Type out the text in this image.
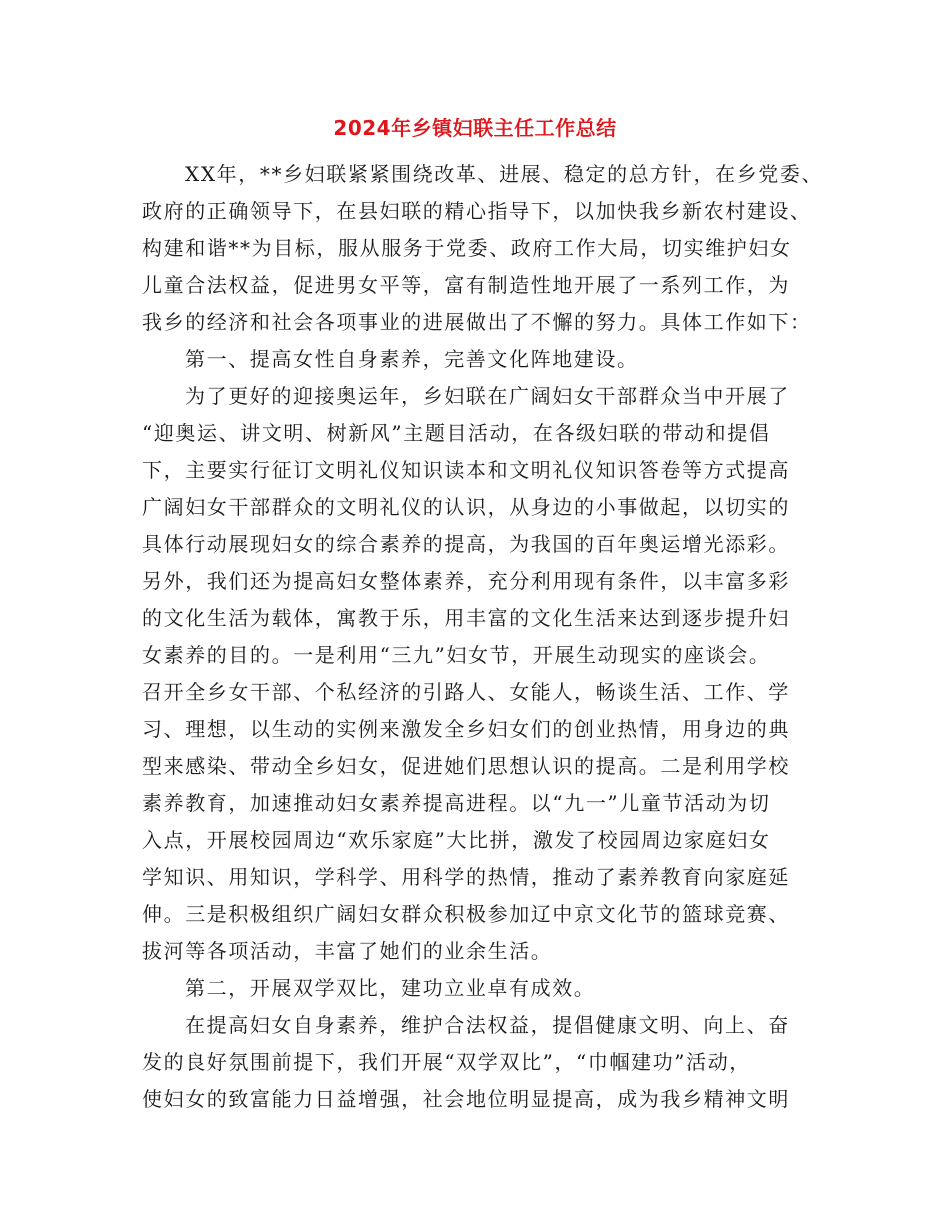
2024年乡镇妇联主任工作总结
XX年，**乡妇联紧紧围绕改革、进展、稳定的总方针，在乡党委、
政府的正确领导下，在县妇联的精心指导下，以加快我乡新农村建设、
构建和谐**为目标，服从服务于党委、政府工作大局，切实维护妇女
儿童合法权益，促进男女平等，富有制造性地开展了一系列工作，为
我乡的经济和社会各项事业的进展做出了不懈的努力。具体工作如下：
第一、提高女性自身素养，完善文化阵地建设。
为了更好的迎接奥运年，乡妇联在广阔妇女干部群众当中开展了
“迎奥运、讲文明、树新风”主题目活动，在各级妇联的带动和提倡
下，主要实行征订文明礼仪知识读本和文明礼仪知识答卷等方式提高
广阔妇女干部群众的文明礼仪的认识，从身边的小事做起，以切实的
具体行动展现妇女的综合素养的提高，为我国的百年奥运增光添彩。
另外，我们还为提高妇女整体素养，充分利用现有条件，以丰富多彩
的文化生活为载体，寓教于乐，用丰富的文化生活来达到逐步提升妇
女素养的目的。一是利用“三九”妇女节，开展生动现实的座谈会。
召开全乡女干部、个私经济的引路人、女能人，畅谈生活、工作、学
习、理想，以生动的实例来激发全乡妇女们的创业热情，用身边的典
型来感染、带动全乡妇女，促进她们思想认识的提高。二是利用学校
素养教育，加速推动妇女素养提高进程。以“九一”儿童节活动为切
入点，开展校园周边“欢乐家庭”大比拼，激发了校园周边家庭妇女
学知识、用知识，学科学、用科学的热情，推动了素养教育向家庭延
伸。三是积极组织广阔妇女群众积极参加辽中京文化节的篮球竞赛、
拔河等各项活动，丰富了她们的业余生活。
第二，开展双学双比，建功立业卓有成效。
在提高妇女自身素养，维护合法权益，提倡健康文明、向上、奋
发的良好氛围前提下，我们开展“双学双比”，“巾帼建功”活动，
使妇女的致富能力日益增强，社会地位明显提高，成为我乡精神文明
